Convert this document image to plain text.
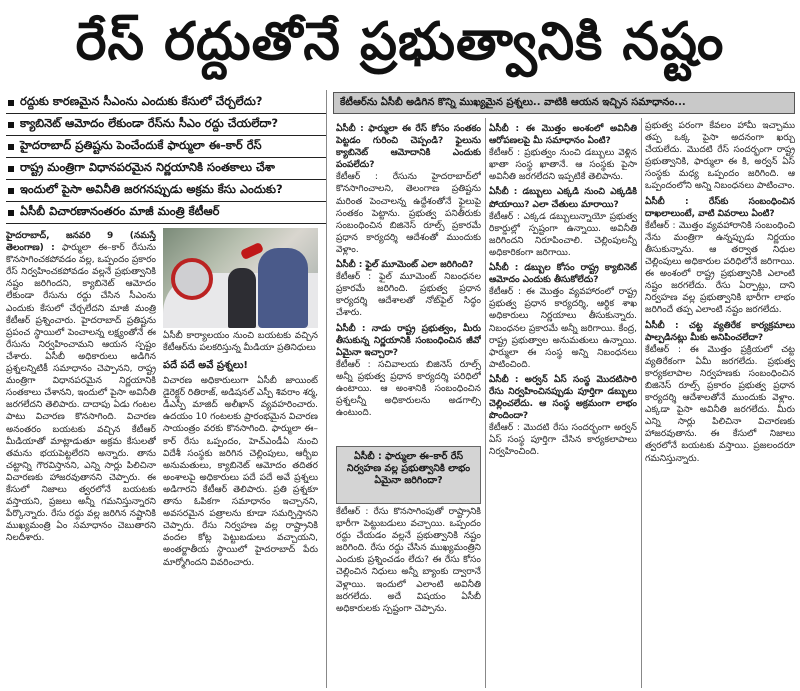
రేస్ రద్దుతోనే ప్రభుత్వానికి నష్టం
రద్దుకు కారణమైన సీఎంను ఎందుకు కేసులో చేర్చలేదు?
క్యాబినెట్ ఆమోదం లేకుండా రేస్‌ను సీఎం రద్దు చేయలేదా?
హైదరాబాద్ ప్రతిష్టను పెంచేందుకే ఫార్ములా ఈ–కార్ రేస్
రాష్ట్ర మంత్రిగా విధానపరమైన నిర్ణయానికి సంతకాలు చేశా
ఇందులో పైసా అవినీతి జరగనప్పుడు అక్రమ కేసు ఎందుకు?
ఏసీబీ విచారణానంతరం మాజీ మంత్రి కేటీఆర్

హైదరాబాద్, జనవరి 9 (నమస్తే తెలంగాణ) : ఫార్ములా ఈ–కార్ రేసును కొనసాగించకపోవడం వల్ల, ఒప్పందం ప్రకారం రేస్ నిర్వహించకపోవడం వల్లనే ప్రభుత్వానికి నష్టం జరిగిందని, క్యాబినెట్ ఆమోదం లేకుండా రేసును రద్దు చేసిన సీఎంను ఎందుకు కేసులో చేర్చలేదని మాజీ మంత్రి కేటీఆర్ ప్రశ్నించారు. హైదరాబాద్ ప్రతిష్టను ప్రపంచ స్థాయిలో పెంచాలన్న లక్ష్యంతోనే ఈ రేసును నిర్వహించామని ఆయన స్పష్టం చేశారు. ఏసీబీ అధికారులు అడిగిన ప్రశ్నలన్నిటికీ సమాధానం చెప్పానని, రాష్ట్ర మంత్రిగా విధానపరమైన నిర్ణయానికి సంతకాలు చేశానని, ఇందులో పైసా అవినీతి జరగలేదని తెలిపారు. దాదాపు ఏడు గంటల పాటు విచారణ కొనసాగింది. విచారణ అనంతరం బయటకు వచ్చిన కేటీఆర్ మీడియాతో మాట్లాడుతూ అక్రమ కేసులతో తమను భయపెట్టలేరని అన్నారు. తాను చట్టాన్ని గౌరవిస్తానని, ఎన్ని సార్లు పిలిచినా విచారణకు హాజరవుతానని చెప్పారు. ఈ కేసులో నిజాలు త్వరలోనే బయటకు వస్తాయని, ప్రజలు అన్నీ గమనిస్తున్నారని పేర్కొన్నారు. రేసు రద్దు వల్ల జరిగిన నష్టానికి ముఖ్యమంత్రి ఏం సమాధానం చెబుతారని నిలదీశారు.

ఏసీబీ కార్యాలయం నుంచి బయటకు వచ్చిన కేటీఆర్‌ను పలకరిస్తున్న మీడియా ప్రతినిధులు
పదే పదే అవే ప్రశ్నలు!

విచారణ అధికారులుగా ఏసీబీ జాయింట్ డైరెక్టర్ రితిరాజ్, అడిషనల్ ఎస్పీ శివరాం శర్మ, డీఎస్పీ మాజిద్ అలీఖాన్ వ్యవహరించారు. ఉదయం 10 గంటలకు ప్రారంభమైన విచారణ సాయంత్రం వరకు కొనసాగింది. ఫార్ములా ఈ–కార్ రేసు ఒప్పందం, హెచ్ఎండీఏ నుంచి విదేశీ సంస్థకు జరిగిన చెల్లింపులు, ఆర్బీఐ అనుమతులు, క్యాబినెట్ ఆమోదం తదితర అంశాలపై అధికారులు పదే పదే అవే ప్రశ్నలు అడిగారని కేటీఆర్ తెలిపారు. ప్రతి ప్రశ్నకూ తాను ఓపికగా సమాధానం ఇచ్చానని, అవసరమైన పత్రాలను కూడా సమర్పిస్తానని చెప్పారు. రేసు నిర్వహణ వల్ల రాష్ట్రానికి వందల కోట్ల పెట్టుబడులు వచ్చాయని, అంతర్జాతీయ స్థాయిలో హైదరాబాద్ పేరు మార్మోగిందని వివరించారు.

కేటీఆర్‌ను ఏసీబీ అడిగిన కొన్ని ముఖ్యమైన ప్రశ్నలు.. వాటికి ఆయన ఇచ్చిన సమాధానం...
ఏసీబీ : ఫార్ములా ఈ రేస్ కోసం సంతకం పెట్టడం గురించి చెప్పండి? ఫైలును క్యాబినెట్ ఆమోదానికి ఎందుకు పంపలేదు?
కేటీఆర్ : రేసును హైదరాబాద్‌లో కొనసాగించాలని, తెలంగాణ ప్రతిష్టను మరింత పెంచాలన్న ఉద్దేశంతోనే ఫైలుపై సంతకం పెట్టాను. ప్రభుత్వ పనితీరుకు సంబంధించిన బిజినెస్ రూల్స్ ప్రకారమే ప్రధాన కార్యదర్శి ఆదేశంతో ముందుకు వెళ్లాం.
ఏసీబీ : ఫైల్ మూమెంట్ ఎలా జరిగింది?
కేటీఆర్ : ఫైల్ మూమెంట్ నిబంధనల ప్రకారమే జరిగింది. ప్రభుత్వ ప్రధాన కార్యదర్శి ఆదేశాలతో నోట్‌ఫైల్ సిద్ధం చేశారు.
ఏసీబీ : నాడు రాష్ట్ర ప్రభుత్వం, మీరు తీసుకున్న నిర్ణయానికి సంబంధించిన జీవో ఏమైనా ఇచ్చారా?
కేటీఆర్ : సచివాలయ బిజినెస్ రూల్స్ అన్నీ ప్రభుత్వ ప్రధాన కార్యదర్శి పరిధిలో ఉంటాయి. ఆ అంశానికి సంబంధించిన ప్రశ్నలన్నీ అధికారులను అడగాల్సి ఉంటుంది.
ఏసీబీ : ఫార్ములా ఈ–కార్ రేస్ నిర్వహణ వల్ల ప్రభుత్వానికి లాభం ఏమైనా జరిగిందా?
కేటీఆర్ : రేసు కొనసాగింపుతో రాష్ట్రానికి భారీగా పెట్టుబడులు వచ్చాయి. ఒప్పందం రద్దు చేయడం వల్లనే ప్రభుత్వానికి నష్టం జరిగింది. రేసు రద్దు చేసిన ముఖ్యమంత్రిని ఎందుకు ప్రశ్నించడం లేదు? ఈ రేసు కోసం చెల్లించిన నిధులు అన్నీ బ్యాంకు ద్వారానే వెళ్లాయి. ఇందులో ఎలాంటి అవినీతి జరగలేదు. అదే విషయం ఏసీబీ అధికారులకు స్పష్టంగా చెప్పాను.
ఏసీబీ : ఈ మొత్తం అంశంలో అవినీతి ఆరోపణలపై మీ సమాధానం ఏంటి?
కేటీఆర్ : ప్రభుత్వం నుంచి డబ్బులు వెళ్లిన ఖాతా సంస్థ ఖాతానే. ఆ సంస్థకు పైసా అవినీతి జరగలేదని ఇప్పటికే తెలిపాను.
ఏసీబీ : డబ్బులు ఎక్కడి నుంచి ఎక్కడికి పోయాయి? ఎలా చేతులు మారాయి?
కేటీఆర్ : ఎక్కడ డబ్బులున్నాయో ప్రభుత్వ రికార్డుల్లో స్పష్టంగా ఉన్నాయి. అవినీతి జరిగిందని నిరూపించాలి. చెల్లింపులన్నీ అధికారికంగా జరిగాయి.
ఏసీబీ : డబ్బుల కోసం రాష్ట్ర క్యాబినెట్ ఆమోదం ఎందుకు తీసుకోలేదు?
కేటీఆర్ : ఈ మొత్తం వ్యవహారంలో రాష్ట్ర ప్రభుత్వ ప్రధాన కార్యదర్శి, ఆర్థిక శాఖ అధికారులు నిర్ణయాలు తీసుకున్నారు. నిబంధనల ప్రకారమే అన్నీ జరిగాయి. కేంద్ర, రాష్ట్ర ప్రభుత్వాల అనుమతులు ఉన్నాయి. ఫార్ములా ఈ సంస్థ అన్ని నిబంధనలు పాటించింది.
ఏసీబీ : అర్వన్ ఏస్ సంస్థ మొదటిసారి రేసు నిర్వహించినప్పుడు పూర్తిగా డబ్బులు చెల్లించలేదు. ఆ సంస్థ అక్రమంగా లాభం పొందిందా?
కేటీఆర్ : మొదటి రేసు సందర్భంగా అర్వన్ ఏస్ సంస్థ పూర్తిగా చేసిన కార్యకలాపాలు నిర్వహించింది.
ప్రభుత్వ పరంగా కేవలం హామీ ఇచ్చాము తప్ప ఒక్క పైసా అదనంగా ఖర్చు చేయలేదు. మొదటి రేస్ సందర్భంగా రాష్ట్ర ప్రభుత్వానికి, ఫార్ములా ఈ కి, అర్వన్ ఏస్ సంస్థకు మధ్య ఒప్పందం జరిగింది. ఆ ఒప్పందంలోని అన్ని నిబంధనలు పాటించాం.
ఏసీబీ : రేస్‌కు సంబంధించిన దాఖలాలుంటే, వాటి వివరాలు ఏంటి?
కేటీఆర్ : మొత్తం వ్యవహారానికి సంబంధించి నేను మంత్రిగా ఉన్నప్పుడు నిర్ణయం తీసుకున్నాను. ఆ తర్వాత నిధుల చెల్లింపులు అధికారుల పరిధిలోనే జరిగాయి. ఈ అంశంలో రాష్ట్ర ప్రభుత్వానికి ఎలాంటి నష్టం జరగలేదు. రేసు ఏర్పాట్లు, దాని నిర్వహణ వల్ల ప్రభుత్వానికి భారీగా లాభం జరిగిందే తప్ప ఎలాంటి నష్టం జరగలేదు.
ఏసీబీ : చట్ట వ్యతిరేక కార్యక్రమాలు పాల్పడినట్లు మీకు అనిపించలేదా?
కేటీఆర్ : ఈ మొత్తం ప్రక్రియలో చట్ట వ్యతిరేకంగా ఏమీ జరగలేదు. ప్రభుత్వ కార్యకలాపాల నిర్వహణకు సంబంధించిన బిజినెస్ రూల్స్ ప్రకారం ప్రభుత్వ ప్రధాన కార్యదర్శి ఆదేశాలతోనే ముందుకు వెళ్లాం. ఎక్కడా పైసా అవినీతి జరగలేదు. మీరు ఎన్ని సార్లు పిలిచినా విచారణకు హాజరవుతాను. ఈ కేసులో నిజాలు త్వరలోనే బయటకు వస్తాయి. ప్రజలందరూ గమనిస్తున్నారు.
